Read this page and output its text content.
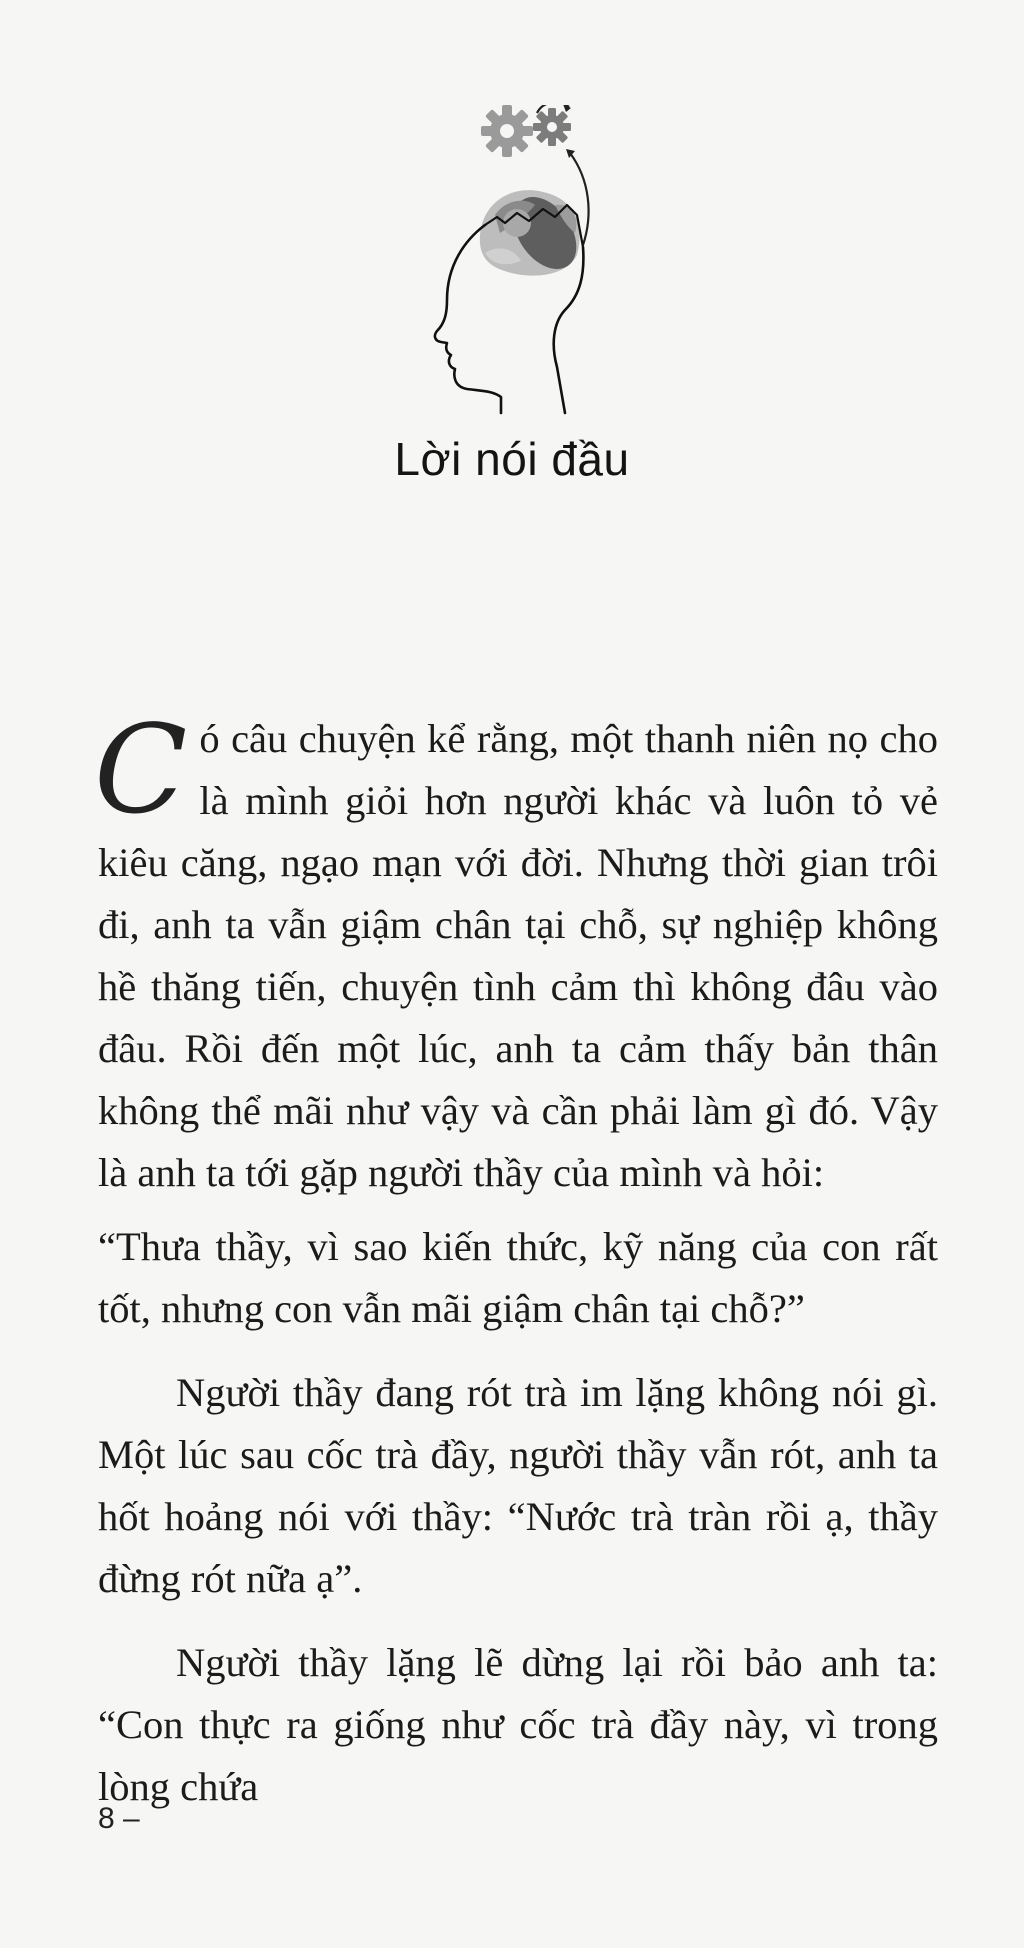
Lời nói đầu

Có câu chuyện kể rằng, một thanh niên nọ cho là mình giỏi hơn người khác và luôn tỏ vẻ kiêu căng, ngạo mạn với đời. Nhưng thời gian trôi đi, anh ta vẫn giậm chân tại chỗ, sự nghiệp không hề thăng tiến, chuyện tình cảm thì không đâu vào đâu. Rồi đến một lúc, anh ta cảm thấy bản thân không thể mãi như vậy và cần phải làm gì đó. Vậy là anh ta tới gặp người thầy của mình và hỏi:

“Thưa thầy, vì sao kiến thức, kỹ năng của con rất tốt, nhưng con vẫn mãi giậm chân tại chỗ?”

Người thầy đang rót trà im lặng không nói gì. Một lúc sau cốc trà đầy, người thầy vẫn rót, anh ta hốt hoảng nói với thầy: “Nước trà tràn rồi ạ, thầy đừng rót nữa ạ”.

Người thầy lặng lẽ dừng lại rồi bảo anh ta: “Con thực ra giống như cốc trà đầy này, vì trong lòng chứa

8 –
